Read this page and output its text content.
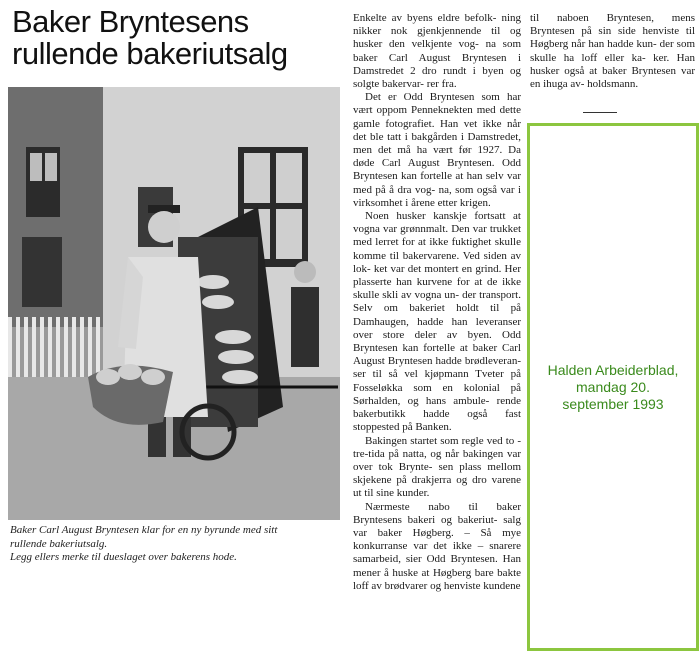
Baker Bryntesens
rullende bakeriutsalg
Baker Carl August Bryntesen klar for en ny byrunde med sitt
rullende bakeriutsalg.
Legg ellers merke til dueslaget over bakerens hode.

Enkelte av byens eldre befolk- ning nikker nok gjenkjennende til og husker den velkjente vog- na som baker Carl August Bryntesen i Damstredet 2 dro rundt i byen og solgte bakervar- rer fra.

Det er Odd Bryntesen som har vært oppom Penneknekten med dette gamle fotografiet. Han vet ikke når det ble tatt i bakgården i Damstredet, men det må ha vært før 1927. Da døde Carl August Bryntesen. Odd Bryntesen kan fortelle at han selv var med på å dra vog- na, som også var i virksomhet i årene etter krigen.

Noen husker kanskje fortsatt at vogna var grønnmalt. Den var trukket med lerret for at ikke fuktighet skulle komme til bakervarene. Ved siden av lok- ket var det montert en grind. Her plasserte han kurvene for at de ikke skulle skli av vogna un- der transport. Selv om bakeriet holdt til på Damhaugen, hadde han leveranser over store deler av byen. Odd Bryntesen kan fortelle at baker Carl August Bryntesen hadde brødleveran- ser til så vel kjøpmann Tveter på Fosseløkka som en kolonial på Sørhalden, og hans ambule- rende bakerbutikk hadde også fast stoppested på Banken.

Bakingen startet som regle ved to - tre-tida på natta, og når bakingen var over tok Brynte- sen plass mellom skjekene på drakjerra og dro varene ut til sine kunder.

Nærmeste nabo til baker Bryntesens bakeri og bakeriut- salg var baker Høgberg. – Så mye konkurranse var det ikke – snarere samarbeid, sier Odd Bryntesen. Han mener å huske at Høgberg bare bakte loff av brødvarer og henviste kundene

til naboen Bryntesen, mens Bryntesen på sin side henviste til Høgberg når han hadde kun- der som skulle ha loff eller ka- ker. Han husker også at baker Bryntesen var en ihuga av- holdsmann.

Halden Arbeiderblad,
mandag 20.
september 1993
